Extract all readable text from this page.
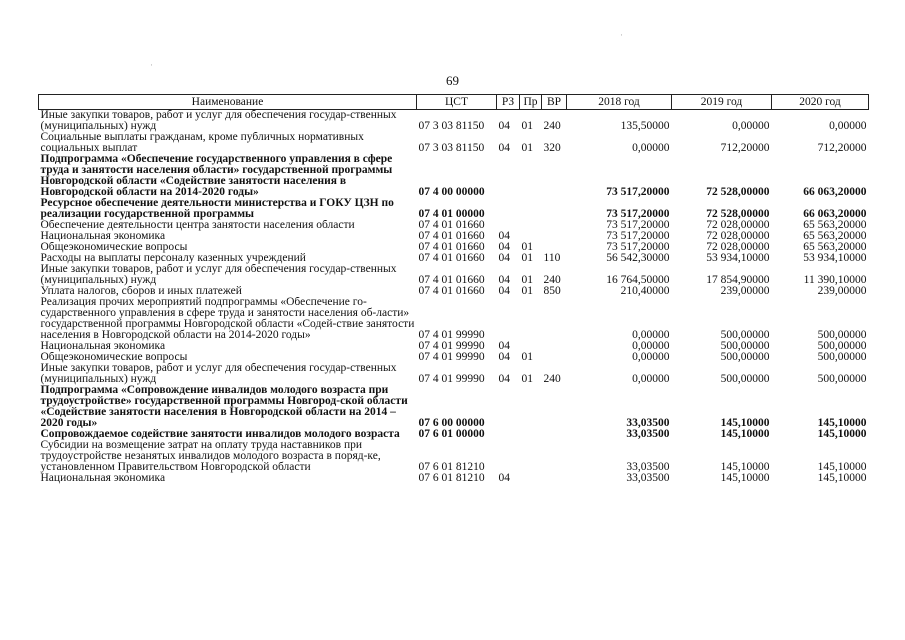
69
Наименование	ЦСТ	РЗ	Пр	ВР	2018 год	2019 год	2020 год
Иные закупки товаров, работ и услуг для обеспечения государ-ственных (муниципальных) нужд	07 3 03 81150	04	01	240	135,50000	0,00000	0,00000
Социальные выплаты гражданам, кроме публичных нормативных социальных выплат	07 3 03 81150	04	01	320	0,00000	712,20000	712,20000
Подпрограмма «Обеспечение государственного управления в сфере труда и занятости населения области» государственной программы Новгородской области «Содействие занятости населения в Новгородской области на 2014-2020 годы»	07 4 00 00000				73 517,20000	72 528,00000	66 063,20000
Ресурсное обеспечение деятельности министерства и ГОКУ ЦЗН по реализации государственной программы	07 4 01 00000				73 517,20000	72 528,00000	66 063,20000
Обеспечение деятельности центра занятости населения области	07 4 01 01660				73 517,20000	72 028,00000	65 563,20000
Национальная экономика	07 4 01 01660	04			73 517,20000	72 028,00000	65 563,20000
Общеэкономические вопросы	07 4 01 01660	04	01		73 517,20000	72 028,00000	65 563,20000
Расходы на выплаты персоналу казенных учреждений	07 4 01 01660	04	01	110	56 542,30000	53 934,10000	53 934,10000
Иные закупки товаров, работ и услуг для обеспечения государ-ственных (муниципальных) нужд	07 4 01 01660	04	01	240	16 764,50000	17 854,90000	11 390,10000
Уплата налогов, сборов и иных платежей	07 4 01 01660	04	01	850	210,40000	239,00000	239,00000
Реализация прочих мероприятий подпрограммы «Обеспечение го-сударственного управления в сфере труда и занятости населения об-ласти» государственной программы Новгородской области «Содей-ствие занятости населения в Новгородской области на 2014-2020 годы»	07 4 01 99990				0,00000	500,00000	500,00000
Национальная экономика	07 4 01 99990	04			0,00000	500,00000	500,00000
Общеэкономические вопросы	07 4 01 99990	04	01		0,00000	500,00000	500,00000
Иные закупки товаров, работ и услуг для обеспечения государ-ственных (муниципальных) нужд	07 4 01 99990	04	01	240	0,00000	500,00000	500,00000
Подпрограмма «Сопровождение инвалидов молодого возраста при трудоустройстве» государственной программы Новгород-ской области «Содействие занятости населения в Новгородской области на 2014 – 2020 годы»	07 6 00 00000				33,03500	145,10000	145,10000
Сопровождаемое содействие занятости инвалидов молодого возраста	07 6 01 00000				33,03500	145,10000	145,10000
Субсидии на возмещение затрат на оплату труда наставников при трудоустройстве незанятых инвалидов молодого возраста в поряд-ке, установленном Правительством Новгородской области	07 6 01 81210				33,03500	145,10000	145,10000
Национальная экономика	07 6 01 81210	04			33,03500	145,10000	145,10000
·
·
